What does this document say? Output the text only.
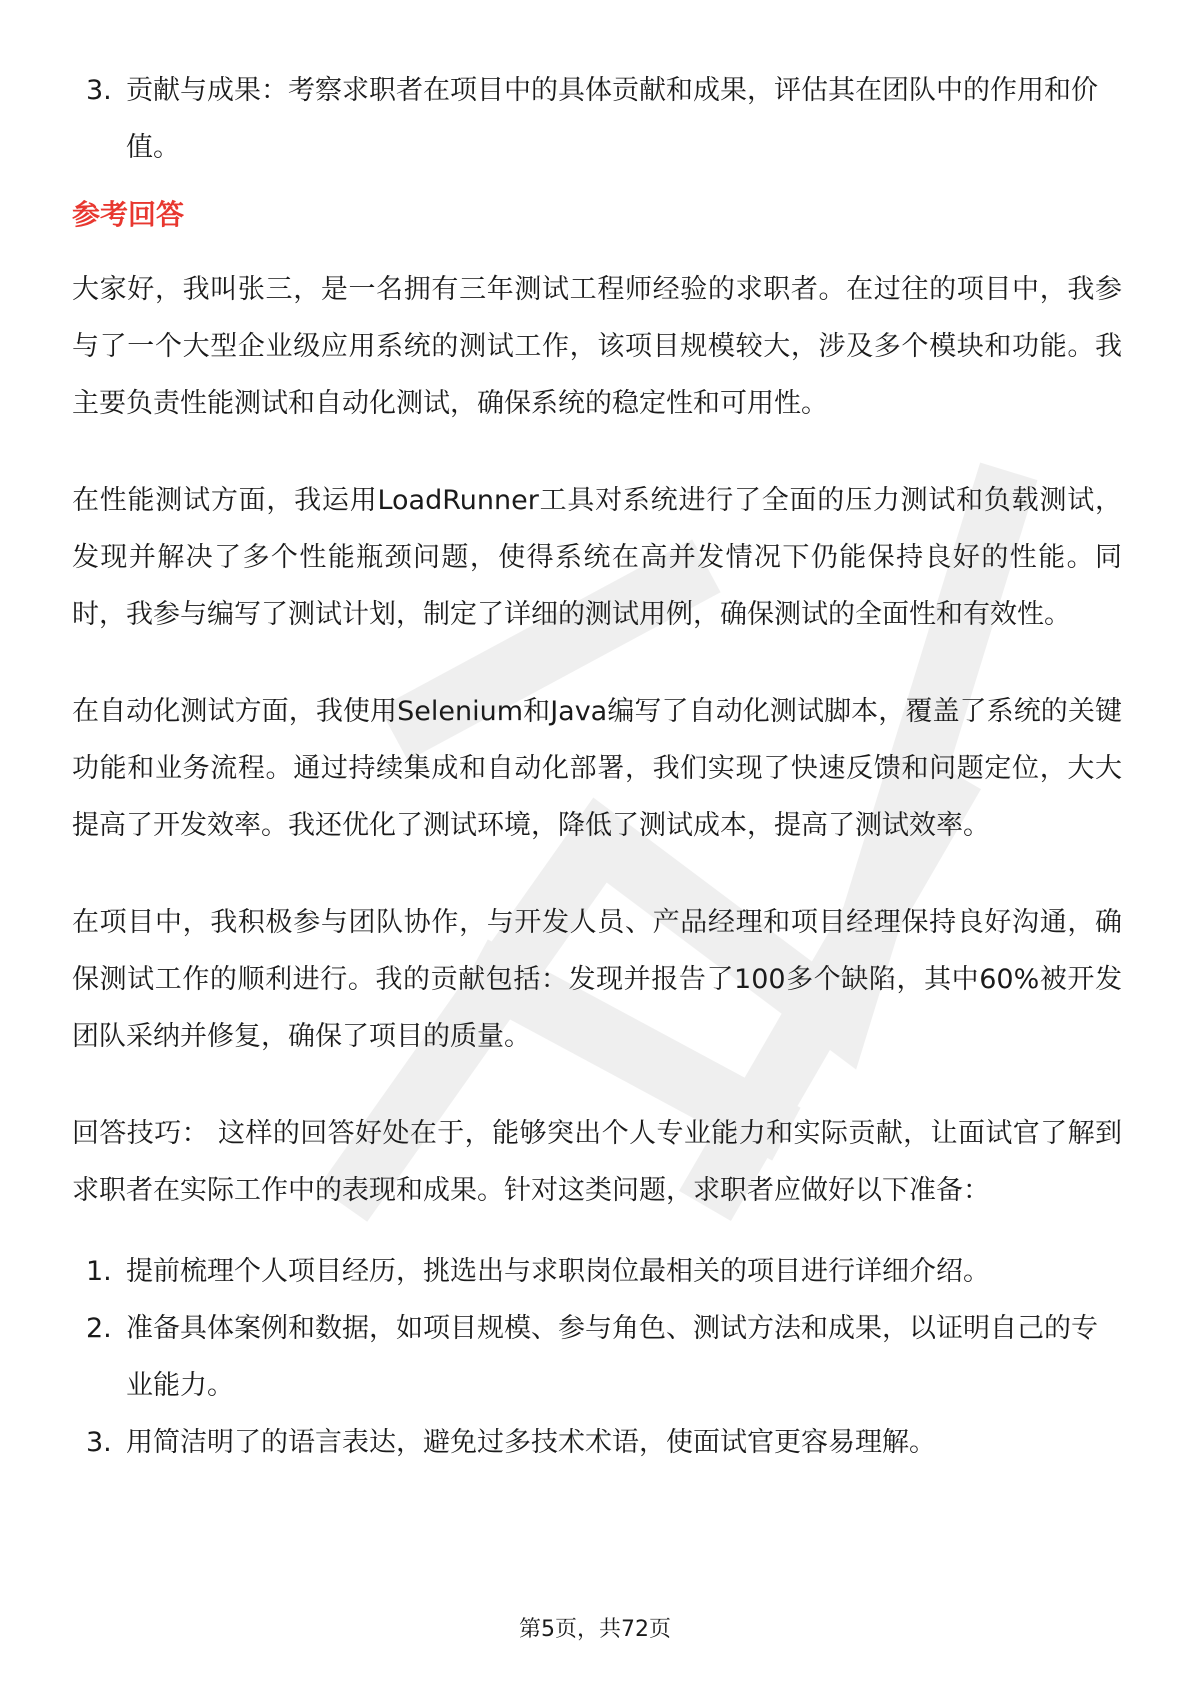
3. 贡献与成果：考察求职者在项目中的具体贡献和成果，评估其在团队中的作用和价值。
参考回答

大家好，我叫张三，是一名拥有三年测试工程师经验的求职者。在过往的项目中，我参与了一个大型企业级应用系统的测试工作，该项目规模较大，涉及多个模块和功能。我主要负责性能测试和自动化测试，确保系统的稳定性和可用性。

在性能测试方面，我运用LoadRunner工具对系统进行了全面的压力测试和负载测试，发现并解决了多个性能瓶颈问题，使得系统在高并发情况下仍能保持良好的性能。同时，我参与编写了测试计划，制定了详细的测试用例，确保测试的全面性和有效性。

在自动化测试方面，我使用Selenium和Java编写了自动化测试脚本，覆盖了系统的关键功能和业务流程。通过持续集成和自动化部署，我们实现了快速反馈和问题定位，大大提高了开发效率。我还优化了测试环境，降低了测试成本，提高了测试效率。

在项目中，我积极参与团队协作，与开发人员、产品经理和项目经理保持良好沟通，确保测试工作的顺利进行。我的贡献包括：发现并报告了100多个缺陷，其中60%被开发团队采纳并修复，确保了项目的质量。

回答技巧： 这样的回答好处在于，能够突出个人专业能力和实际贡献，让面试官了解到求职者在实际工作中的表现和成果。针对这类问题，求职者应做好以下准备：

1. 提前梳理个人项目经历，挑选出与求职岗位最相关的项目进行详细介绍。
2. 准备具体案例和数据，如项目规模、参与角色、测试方法和成果，以证明自己的专业能力。
3. 用简洁明了的语言表达，避免过多技术术语，使面试官更容易理解。
第5页，共72页
